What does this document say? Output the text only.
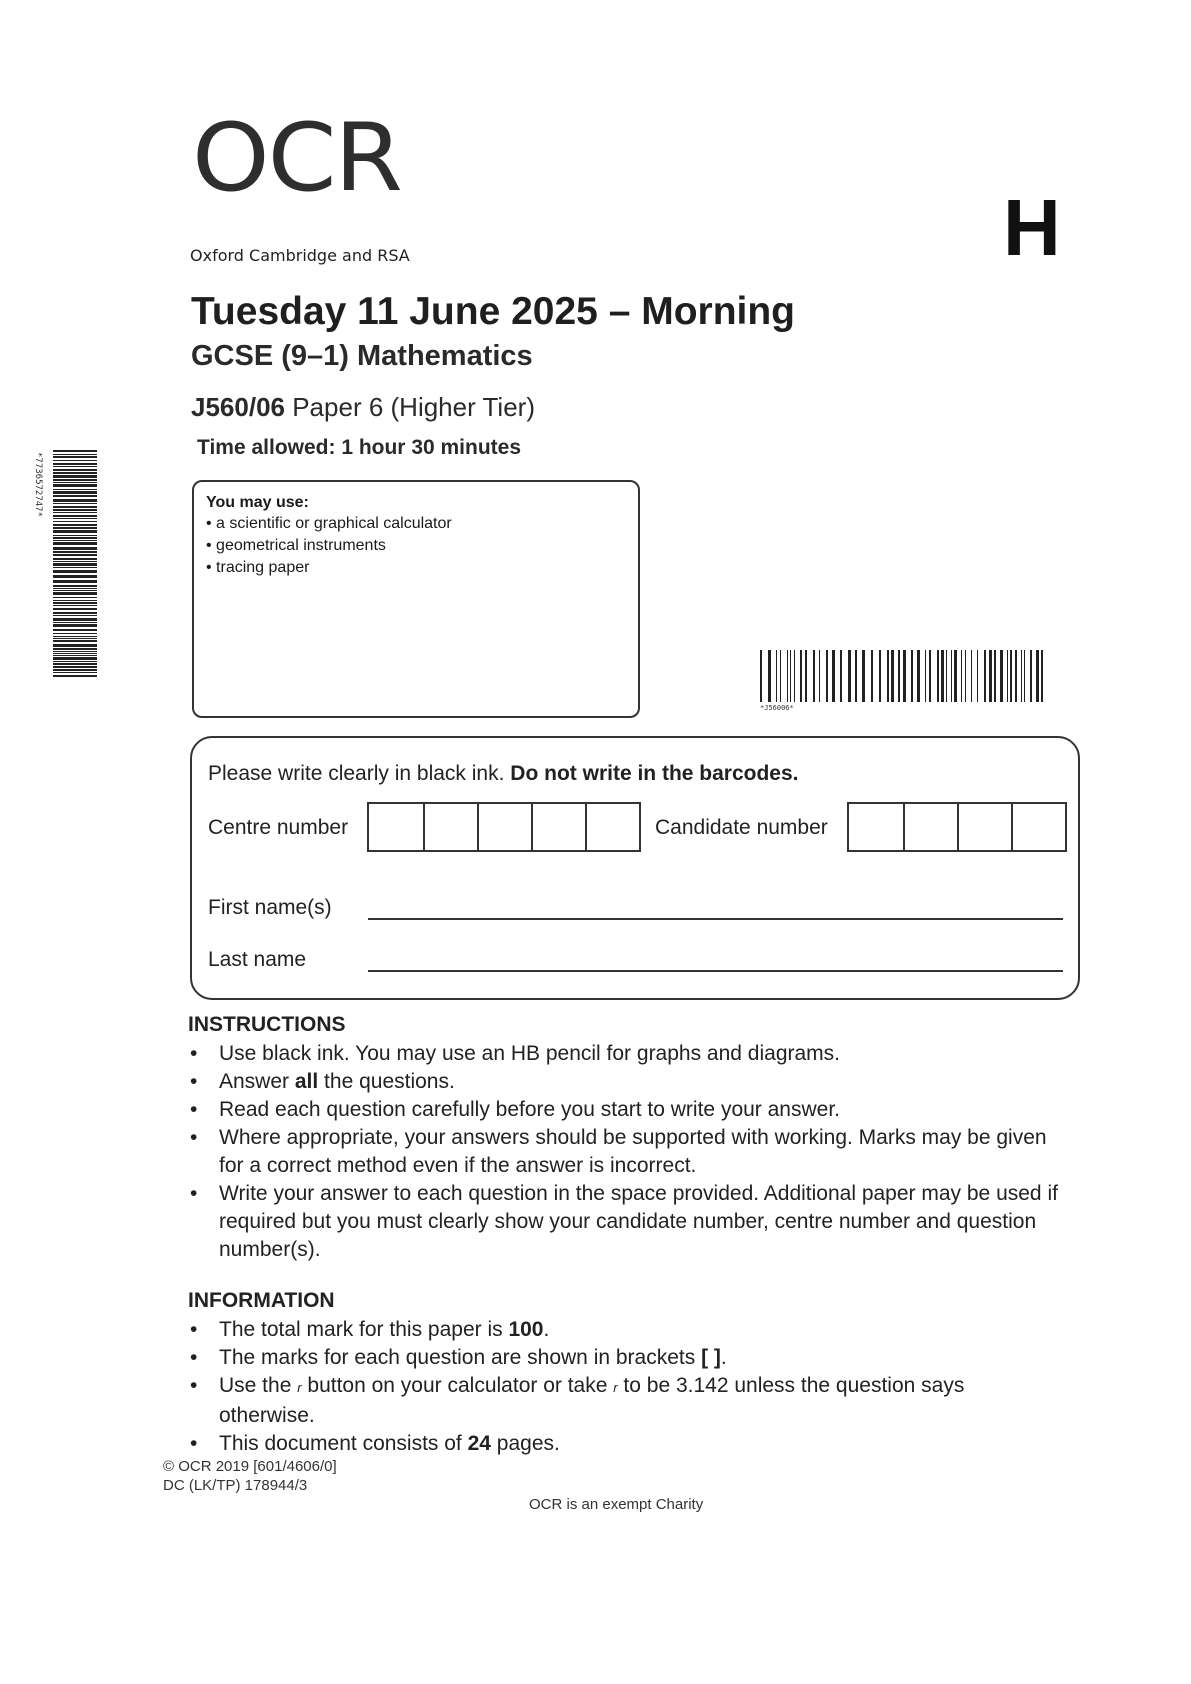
OCR
Oxford Cambridge and RSA	H
Tuesday 11 June 2025 – Morning
GCSE (9–1) Mathematics
J560/06 Paper 6 (Higher Tier)
Time allowed: 1 hour 30 minutes
You may use:
• a scientific or graphical calculator
• geometrical instruments
• tracing paper
*7736572747*
*J56006*
Please write clearly in black ink. Do not write in the barcodes.
Centre number	Candidate number
First name(s)
Last name
INSTRUCTIONS
•	Use black ink. You may use an HB pencil for graphs and diagrams.
•	Answer all the questions.
•	Read each question carefully before you start to write your answer.
•	Where appropriate, your answers should be supported with working. Marks may be given for a correct method even if the answer is incorrect.
•	Write your answer to each question in the space provided. Additional paper may be used if required but you must clearly show your candidate number, centre number and question number(s).
INFORMATION
•	The total mark for this paper is 100.
•	The marks for each question are shown in brackets [ ].
•	Use the r button on your calculator or take r to be 3.142 unless the question says otherwise.
•	This document consists of 24 pages.
© OCR 2019 [601/4606/0]
DC (LK/TP) 178944/3
OCR is an exempt Charity
